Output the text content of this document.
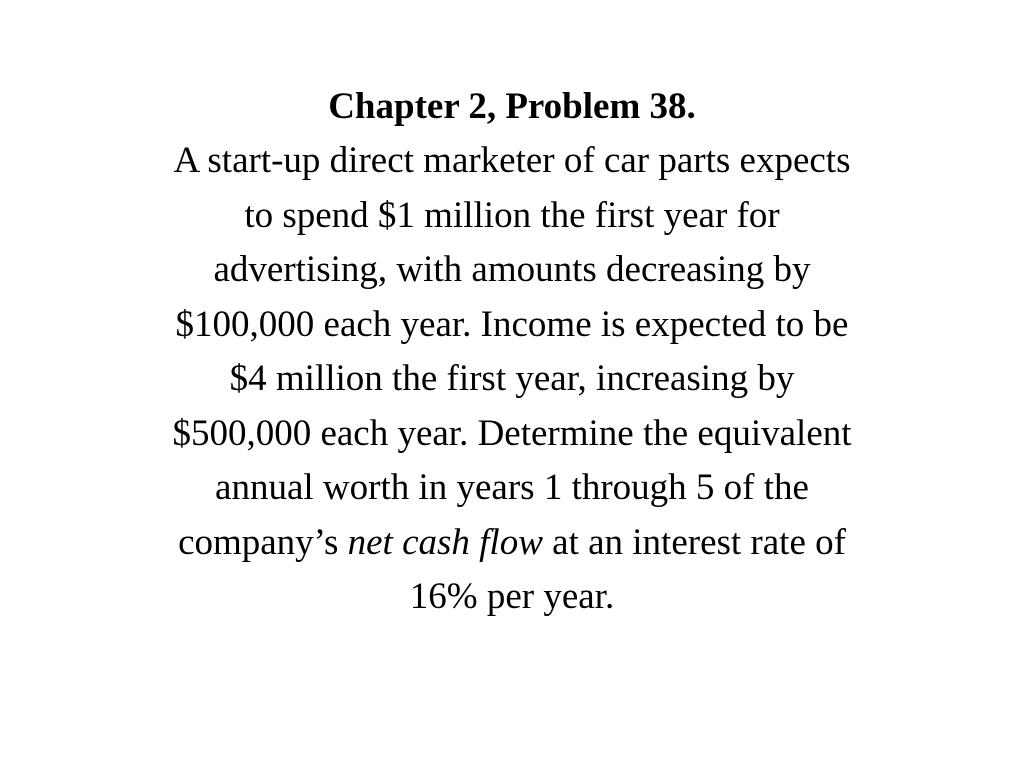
Chapter 2, Problem 38.
A start-up direct marketer of car parts expects
to spend $1 million the first year for
advertising, with amounts decreasing by
$100,000 each year. Income is expected to be
$4 million the first year, increasing by
$500,000 each year. Determine the equivalent
annual worth in years 1 through 5 of the
company’s net cash flow at an interest rate of
16% per year.
